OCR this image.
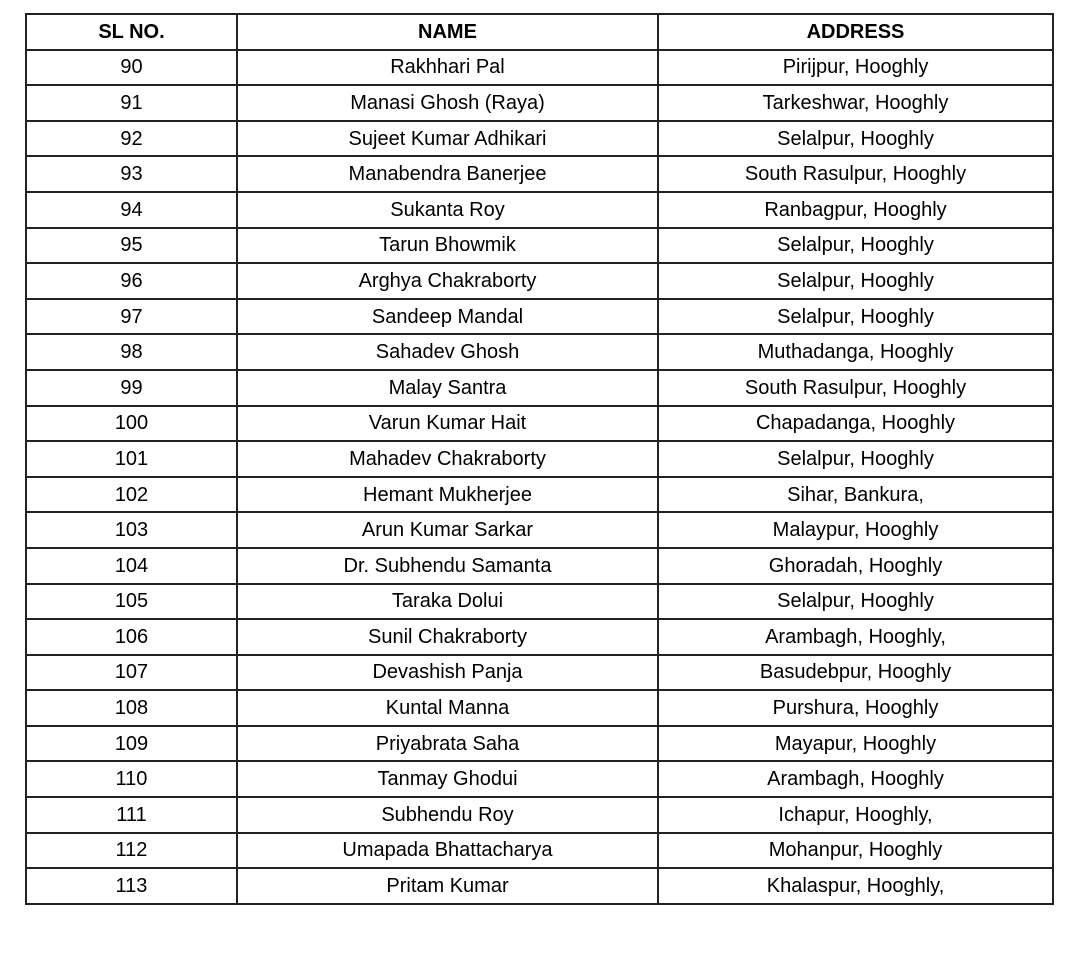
SL NO.	NAME	ADDRESS
90	Rakhhari Pal	Pirijpur, Hooghly
91	Manasi Ghosh (Raya)	Tarkeshwar, Hooghly
92	Sujeet Kumar Adhikari	Selalpur, Hooghly
93	Manabendra Banerjee	South Rasulpur, Hooghly
94	Sukanta Roy	Ranbagpur, Hooghly
95	Tarun Bhowmik	Selalpur, Hooghly
96	Arghya Chakraborty	Selalpur, Hooghly
97	Sandeep Mandal	Selalpur, Hooghly
98	Sahadev Ghosh	Muthadanga, Hooghly
99	Malay Santra	South Rasulpur, Hooghly
100	Varun Kumar Hait	Chapadanga, Hooghly
101	Mahadev Chakraborty	Selalpur, Hooghly
102	Hemant Mukherjee	Sihar, Bankura,
103	Arun Kumar Sarkar	Malaypur, Hooghly
104	Dr. Subhendu Samanta	Ghoradah, Hooghly
105	Taraka Dolui	Selalpur, Hooghly
106	Sunil Chakraborty	Arambagh, Hooghly,
107	Devashish Panja	Basudebpur, Hooghly
108	Kuntal Manna	Purshura, Hooghly
109	Priyabrata Saha	Mayapur, Hooghly
110	Tanmay Ghodui	Arambagh, Hooghly
111	Subhendu Roy	Ichapur, Hooghly,
112	Umapada Bhattacharya	Mohanpur, Hooghly
113	Pritam Kumar	Khalaspur, Hooghly,
